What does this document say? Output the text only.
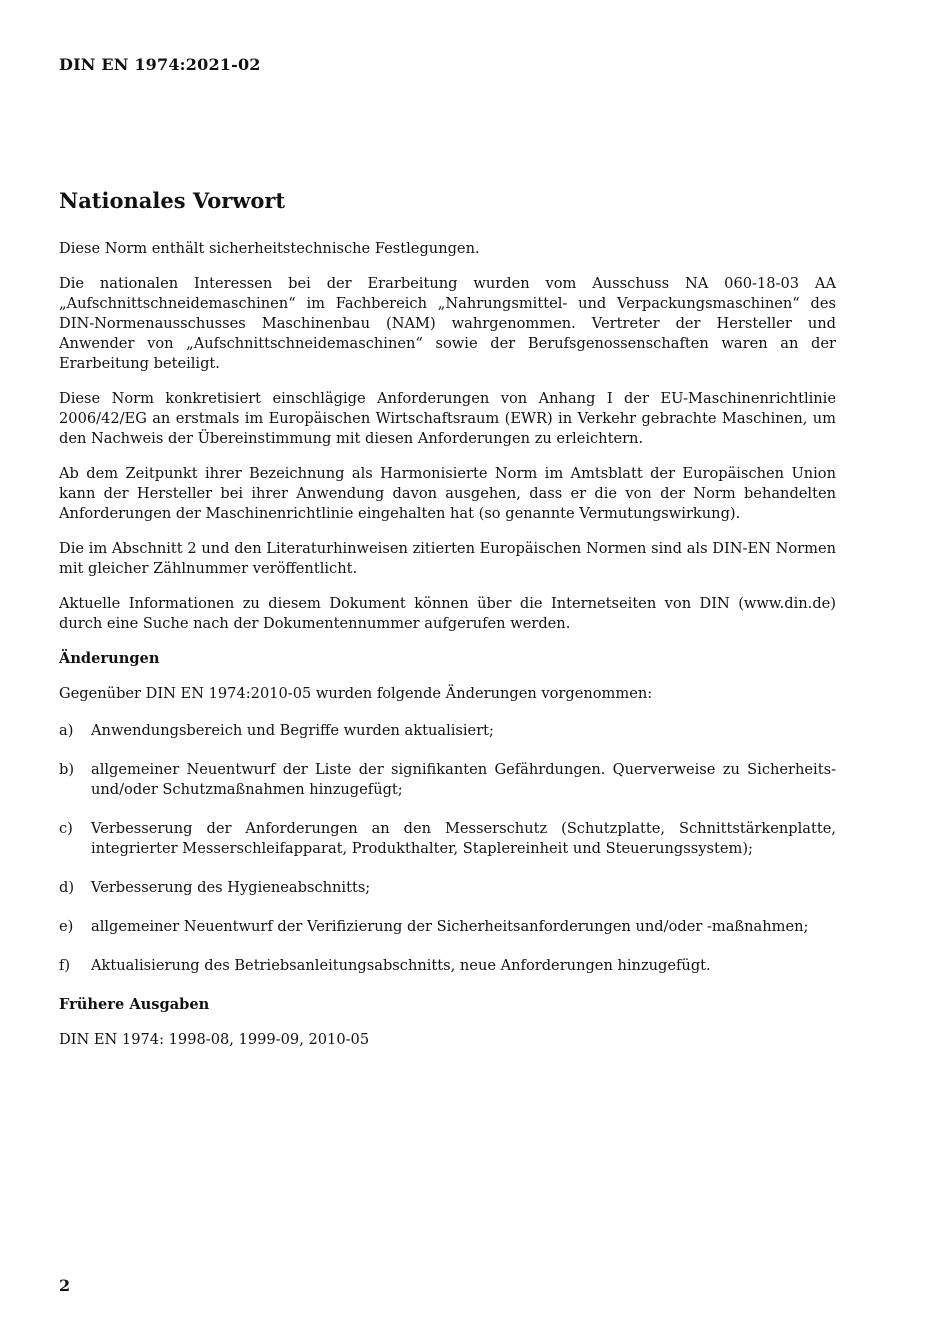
DIN EN 1974:2021-02
Nationales Vorwort

Diese Norm enthält sicherheitstechnische Festlegungen.

Die nationalen Interessen bei der Erarbeitung wurden vom Ausschuss NA 060-18-03 AA „Aufschnittschneidemaschinen“ im Fachbereich „Nahrungsmittel- und Verpackungsmaschinen“ des DIN-Normenausschusses Maschinenbau (NAM) wahrgenommen. Vertreter der Hersteller und Anwender von „Aufschnittschneidemaschinen“ sowie der Berufsgenossenschaften waren an der Erarbeitung beteiligt.

Diese Norm konkretisiert einschlägige Anforderungen von Anhang I der EU-Maschinenrichtlinie 2006/42/EG an erstmals im Europäischen Wirtschaftsraum (EWR) in Verkehr gebrachte Maschinen, um den Nachweis der Übereinstimmung mit diesen Anforderungen zu erleichtern.

Ab dem Zeitpunkt ihrer Bezeichnung als Harmonisierte Norm im Amtsblatt der Europäischen Union kann der Hersteller bei ihrer Anwendung davon ausgehen, dass er die von der Norm behandelten Anforderungen der Maschinenrichtlinie eingehalten hat (so genannte Vermutungswirkung).

Die im Abschnitt 2 und den Literaturhinweisen zitierten Europäischen Normen sind als DIN-EN Normen mit gleicher Zählnummer veröffentlicht.

Aktuelle Informationen zu diesem Dokument können über die Internetseiten von DIN (www.din.de) durch eine Suche nach der Dokumentennummer aufgerufen werden.

Änderungen

Gegenüber DIN EN 1974:2010-05 wurden folgende Änderungen vorgenommen:

a)	Anwendungsbereich und Begriffe wurden aktualisiert;
b)	allgemeiner Neuentwurf der Liste der signifikanten Gefährdungen. Querverweise zu Sicherheits- und/oder Schutzmaßnahmen hinzugefügt;
c)	Verbesserung der Anforderungen an den Messerschutz (Schutzplatte, Schnittstärkenplatte, integrierter Messerschleifapparat, Produkthalter, Staplereinheit und Steuerungssystem);
d)	Verbesserung des Hygieneabschnitts;
e)	allgemeiner Neuentwurf der Verifizierung der Sicherheitsanforderungen und/oder -maßnahmen;
f)	Aktualisierung des Betriebsanleitungsabschnitts, neue Anforderungen hinzugefügt.
Frühere Ausgaben

DIN EN 1974: 1998-08, 1999-09, 2010-05

2
